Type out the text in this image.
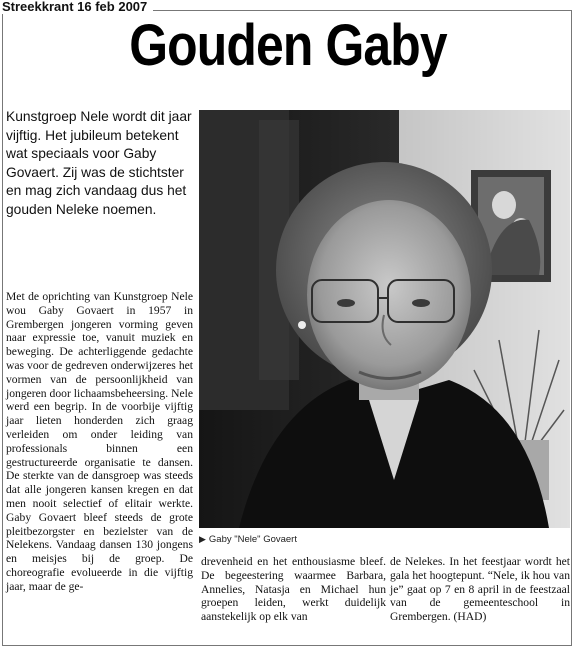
Streekkrant 16 feb 2007
Gouden Gaby
Kunstgroep Nele wordt dit jaar vijftig. Het jubileum betekent wat speciaals voor Gaby Govaert. Zij was de stichtster en mag zich vandaag dus het gouden Neleke noemen.
Met de oprichting van Kunstgroep Nele wou Gaby Govaert in 1957 in Grembergen jongeren vorming geven naar expressie toe, vanuit muziek en beweging. De achterliggende gedachte was voor de gedreven onderwijzeres het vormen van de persoonlijkheid van jongeren door lichaamsbeheersing. Nele werd een begrip. In de voorbije vijftig jaar lieten honderden zich graag verleiden om onder leiding van professionals binnen een gestructureerde organisatie te dansen. De sterkte van de dansgroep was steeds dat alle jongeren kansen kregen en dat men nooit selectief of elitair werkte. Gaby Govaert bleef steeds de grote pleitbezorgster en bezielster van de Nelekens. Vandaag dansen 130 jongens en meisjes bij de groep. De choreografie evolueerde in die vijftig jaar, maar de ge-
▶ Gaby "Nele" Govaert
drevenheid en het enthousiasme bleef. De begeestering waarmee Barbara, Annelies, Natasja en Michael hun groepen leiden, werkt duidelijk aanstekelijk op elk van
de Nelekes. In het feestjaar wordt het gala het hoogtepunt. “Nele, ik hou van je” gaat op 7 en 8 april in de feestzaal van de gemeenteschool in Grembergen. (HAD)
